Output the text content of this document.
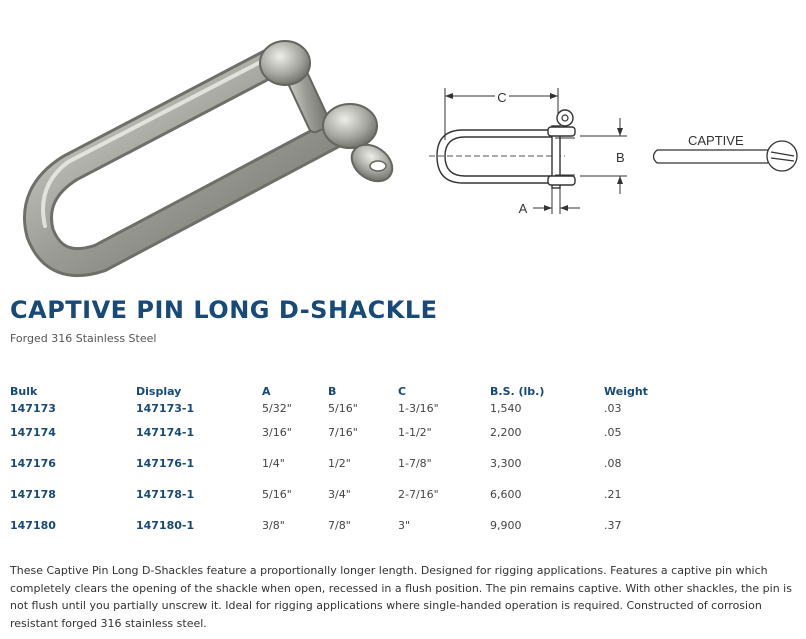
C
B
A
CAPTIVE
CAPTIVE PIN LONG D-SHACKLE
Forged 316 Stainless Steel
Bulk	Display	A	B	C	B.S. (lb.)	Weight
147173	147173-1	5/32"	5/16"	1-3/16"	1,540	.03
147174	147174-1	3/16"	7/16"	1-1/2"	2,200	.05
147176	147176-1	1/4"	1/2"	1-7/8"	3,300	.08
147178	147178-1	5/16"	3/4"	2-7/16"	6,600	.21
147180	147180-1	3/8"	7/8"	3"	9,900	.37

These Captive Pin Long D-Shackles feature a proportionally longer length. Designed for rigging applications. Features a captive pin which completely clears the opening of the shackle when open, recessed in a flush position. The pin remains captive. With other shackles, the pin is not flush until you partially unscrew it. Ideal for rigging applications where single-handed operation is required. Constructed of corrosion resistant forged 316 stainless steel.
